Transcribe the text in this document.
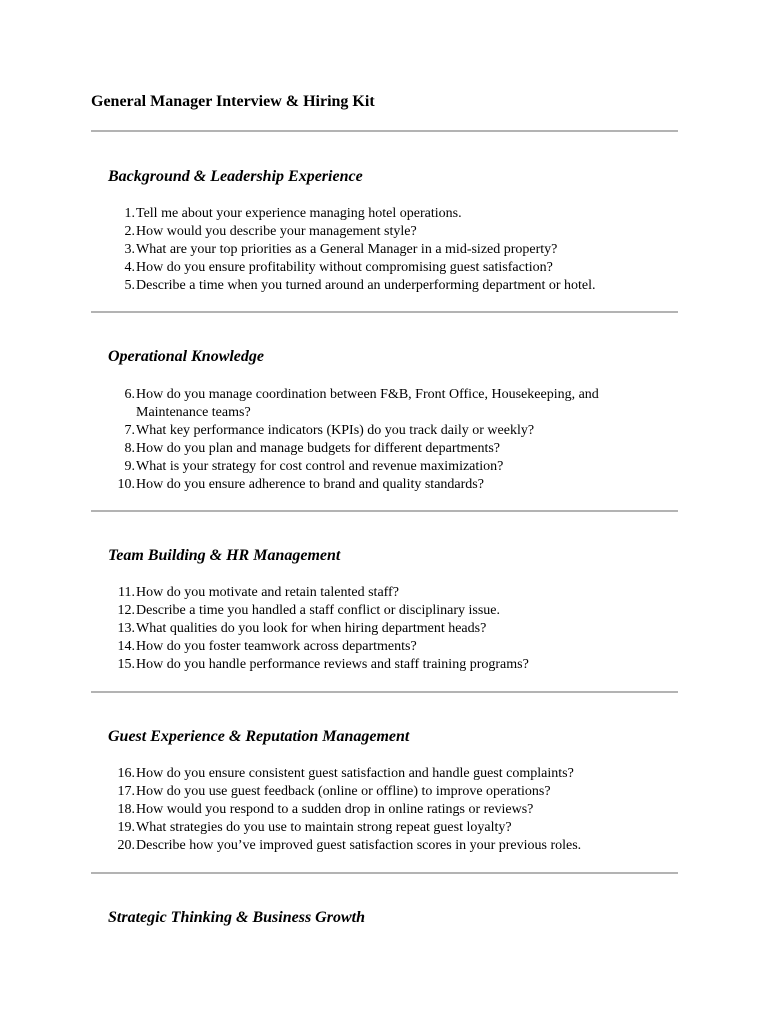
General Manager Interview & Hiring Kit
Background & Leadership Experience
1. Tell me about your experience managing hotel operations.
2. How would you describe your management style?
3. What are your top priorities as a General Manager in a mid-sized property?
4. How do you ensure profitability without compromising guest satisfaction?
5. Describe a time when you turned around an underperforming department or hotel.
Operational Knowledge
6. How do you manage coordination between F&B, Front Office, Housekeeping, and Maintenance teams?
7. What key performance indicators (KPIs) do you track daily or weekly?
8. How do you plan and manage budgets for different departments?
9. What is your strategy for cost control and revenue maximization?
10. How do you ensure adherence to brand and quality standards?
Team Building & HR Management
11. How do you motivate and retain talented staff?
12. Describe a time you handled a staff conflict or disciplinary issue.
13. What qualities do you look for when hiring department heads?
14. How do you foster teamwork across departments?
15. How do you handle performance reviews and staff training programs?
Guest Experience & Reputation Management
16. How do you ensure consistent guest satisfaction and handle guest complaints?
17. How do you use guest feedback (online or offline) to improve operations?
18. How would you respond to a sudden drop in online ratings or reviews?
19. What strategies do you use to maintain strong repeat guest loyalty?
20. Describe how you’ve improved guest satisfaction scores in your previous roles.
Strategic Thinking & Business Growth
